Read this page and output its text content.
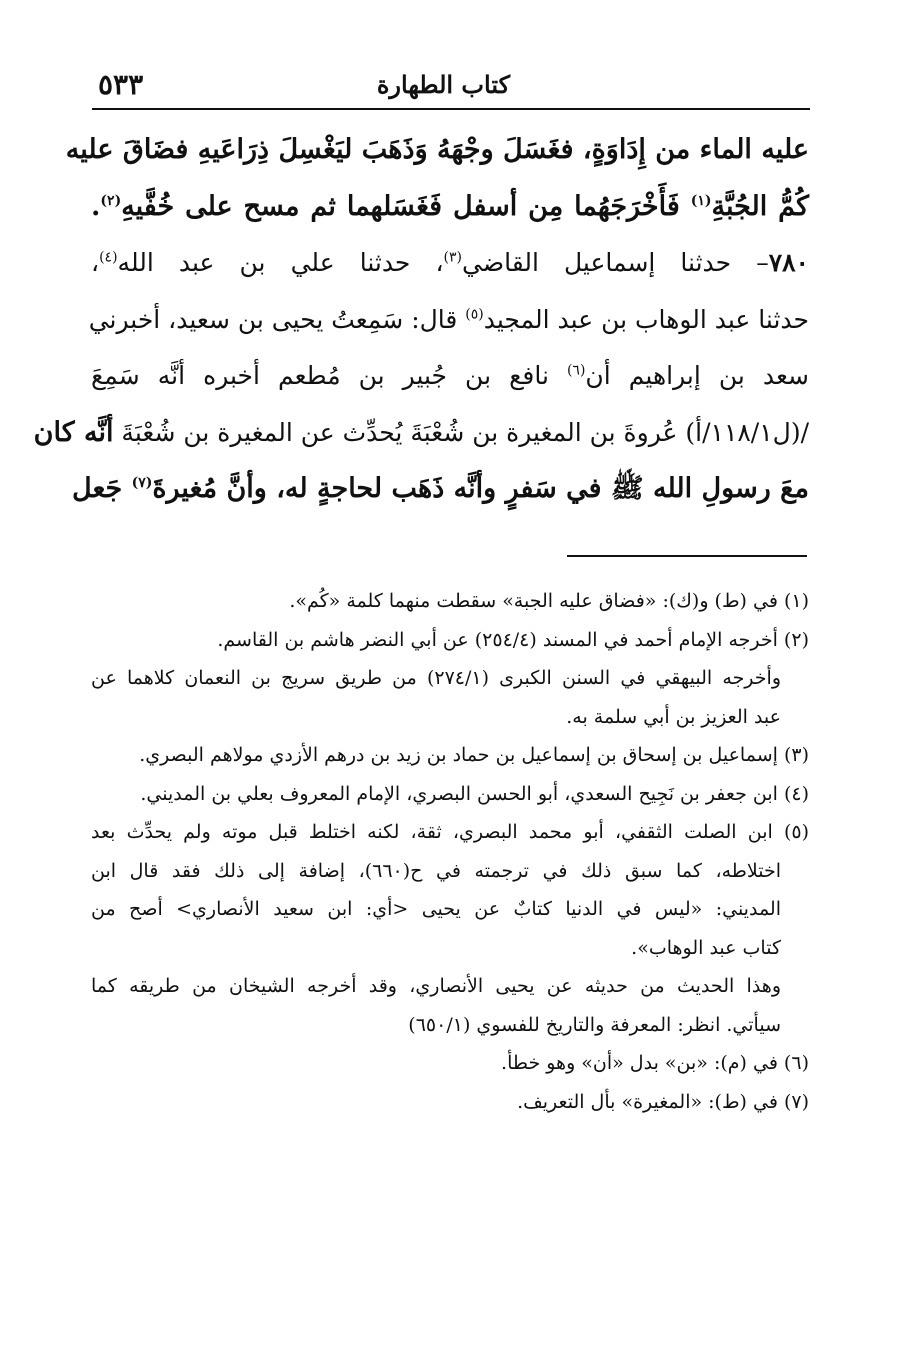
كتاب الطهارة
٥٣٣
عليه الماء من إِدَاوَةٍ، فغَسَلَ وجْهَهُ وَذَهَبَ ليَغْسِلَ ذِرَاعَيهِ فضَاقَ عليه
كُمُّ الجُبَّةِ$^{(١)}$ فَأَخْرَجَهُما مِن أسفل فَغَسَلهما ثم مسح على خُفَّيهِ$^{(٢)}$.
٧٨٠– حدثنا إسماعيل القاضي$^{(٣)}$، حدثنا علي بن عبد الله$^{(٤)}$،
حدثنا عبد الوهاب بن عبد المجيد$^{(٥)}$ قال: سَمِعتُ يحيى بن سعيد، أخبرني
سعد بن إبراهيم أن$^{(٦)}$ نافع بن جُبير بن مُطعم أخبره أنَّه سَمِعَ
/(ل١١٨/١/أ) عُروةَ بن المغيرة بن شُعْبَةَ يُحدِّث عن المغيرة بن شُعْبَةَ أنَّه كان
معَ رسولِ الله ﷺ في سَفرٍ وأنَّه ذَهَب لحاجةٍ له، وأنَّ مُغيرةَ$^{(٧)}$ جَعل
(١) في (ط) و(ك): «فضاق عليه الجبة» سقطت منهما كلمة «كُم».
(٢) أخرجه الإمام أحمد في المسند (٢٥٤/٤) عن أبي النضر هاشم بن القاسم.
وأخرجه البيهقي في السنن الكبرى (٢٧٤/١) من طريق سريج بن النعمان كلاهما عن
عبد العزيز بن أبي سلمة به.
(٣) إسماعيل بن إسحاق بن إسماعيل بن حماد بن زيد بن درهم الأزدي مولاهم البصري.
(٤) ابن جعفر بن نَجِيح السعدي، أبو الحسن البصري، الإمام المعروف بعلي بن المديني.
(٥) ابن الصلت الثقفي، أبو محمد البصري، ثقة، لكنه اختلط قبل موته ولم يحدِّث بعد
اختلاطه، كما سبق ذلك في ترجمته في ح(٦٦٠)، إضافة إلى ذلك فقد قال ابن
المديني: «ليس في الدنيا كتابٌ عن يحيى <أي: ابن سعيد الأنصاري> أصح من
كتاب عبد الوهاب».
وهذا الحديث من حديثه عن يحيى الأنصاري، وقد أخرجه الشيخان من طريقه كما
سيأتي. انظر: المعرفة والتاريخ للفسوي (٦٥٠/١)
(٦) في (م): «بن» بدل «أن» وهو خطأ.
(٧) في (ط): «المغيرة» بأل التعريف.
